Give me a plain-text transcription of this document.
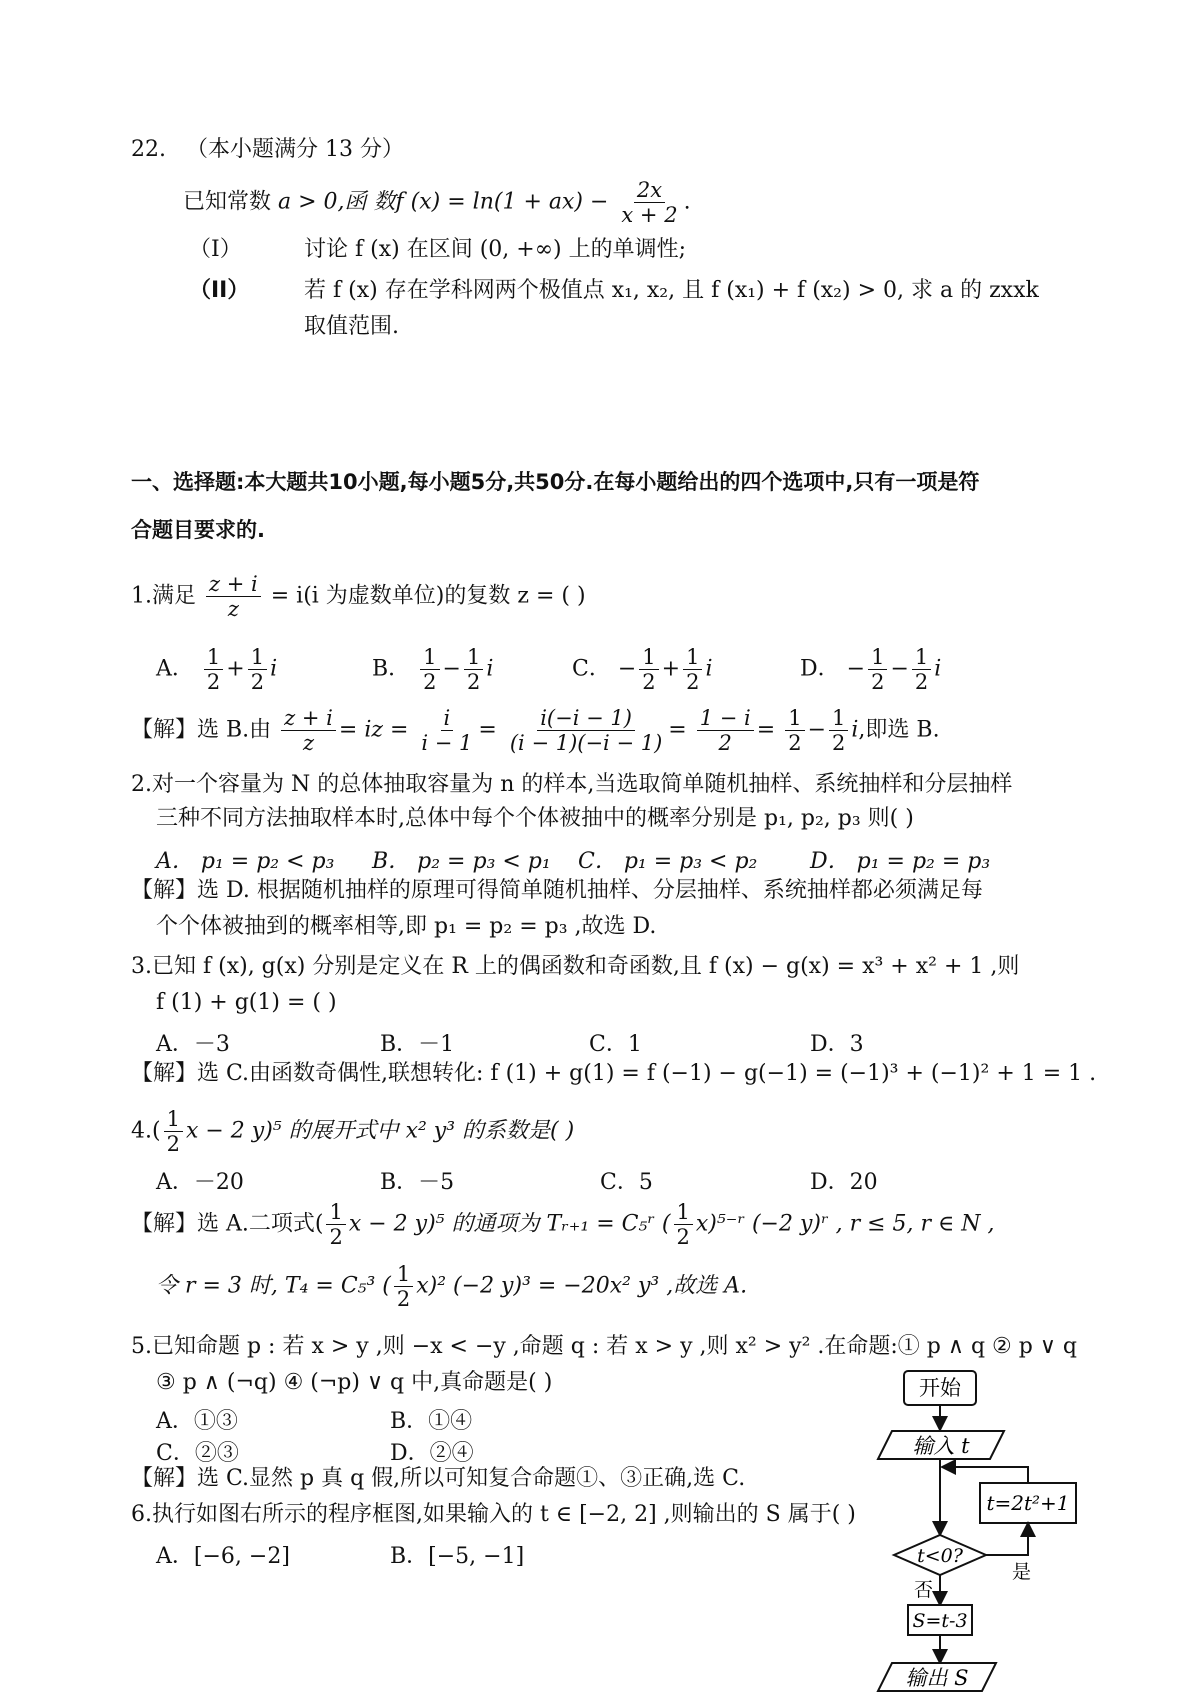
22. （本小题满分 13 分）
已知常数 a > 0,函 数f $(x) = \ln(1 + ax) - \frac{2x}{x + 2}$ .
（I）	讨论 f (x) 在区间 (0, +∞) 上的单调性;
（II） 若 f (x) 存在学科网两个极值点 x₁, x₂, 且 f (x₁) + f (x₂) > 0, 求 a 的 zxxk
取值范围.
一、选择题:本大题共10小题,每小题5分,共50分.在每小题给出的四个选项中,只有一项是符
合题目要求的.
1.满足 $\frac{z + i}{z} = i(i$ 为虚数单位)的复数 z = ( )
A． $\frac{1}{2} + \frac{1}{2}$ i	B． $\frac{1}{2} - \frac{1}{2}$ i	C． − $\frac{1}{2} + \frac{1}{2}$ i	D． − $\frac{1}{2} - \frac{1}{2}$ i
【解】选 B.由 $\frac{z + i}{z}$ = iz = $\frac{i}{i - 1} = \frac{i(-i - 1)}{(i - 1)(-i - 1)} = \frac{1 - i}{2} = \frac{1}{2} - \frac{1}{2} i$,即选 B.
2.对一个容量为 N 的总体抽取容量为 n 的样本,当选取简单随机抽样、系统抽样和分层抽样
三种不同方法抽取样本时,总体中每个个体被抽中的概率分别是 p₁, p₂, p₃ 则( )
A． p₁ = p₂ < p₃ B． p₂ = p₃ < p₁ C． p₁ = p₃ < p₂ D． p₁ = p₂ = p₃
【解】选 D. 根据随机抽样的原理可得简单随机抽样、分层抽样、系统抽样都必须满足每
个个体被抽到的概率相等,即 p₁ = p₂ = p₃ ,故选 D.
3.已知 f (x), g(x) 分别是定义在 R 上的偶函数和奇函数,且 f (x) − g(x) = x³ + x² + 1 ,则
f (1) + g(1) = ( )
A．－3	B．－1	C．1	D．3
【解】选 C.由函数奇偶性,联想转化: f (1) + g(1) = f (−1) − g(−1) = (−1)³ + (−1)² + 1 = 1 .
$4.( \frac{1}{2}$ x − 2 y)⁵ 的展开式中 x² y³ 的系数是( )
A．－20	B．－5	C．5	D．20
【解】选 A.二项式( $\frac{1}{2}$ x − 2 y)⁵ 的通项为 Tᵣ₊₁ = C₅ʳ ( $\frac{1}{2}$ x)⁵⁻ʳ (−2 y)ʳ , r ≤ 5, r ∈ N ,
令 r = 3 时, T₄ = C₅³ ( $\frac{1}{2} x)^2$ (−2 y)³ = −20x² y³ ,故选 A.
5.已知命题 p : 若 x > y ,则 −x < −y ,命题 q : 若 x > y ,则 x² > y² .在命题:① p ∧ q ② p ∨ q
③ p ∧ (¬q) ④ (¬p) ∨ q 中,真命题是( )
A．①③	B．①④
C．②③	D．②④
【解】选 C.显然 p 真 q 假,所以可知复合命题①、③正确,选 C.
6.执行如图右所示的程序框图,如果输入的 t ∈ [−2, 2] ,则输出的 S 属于( )
A．[−6, −2]	B．[−5, −1]
开始
输入 t
t=2t²+1
t<0?
是
否
S=t-3
输出 S
